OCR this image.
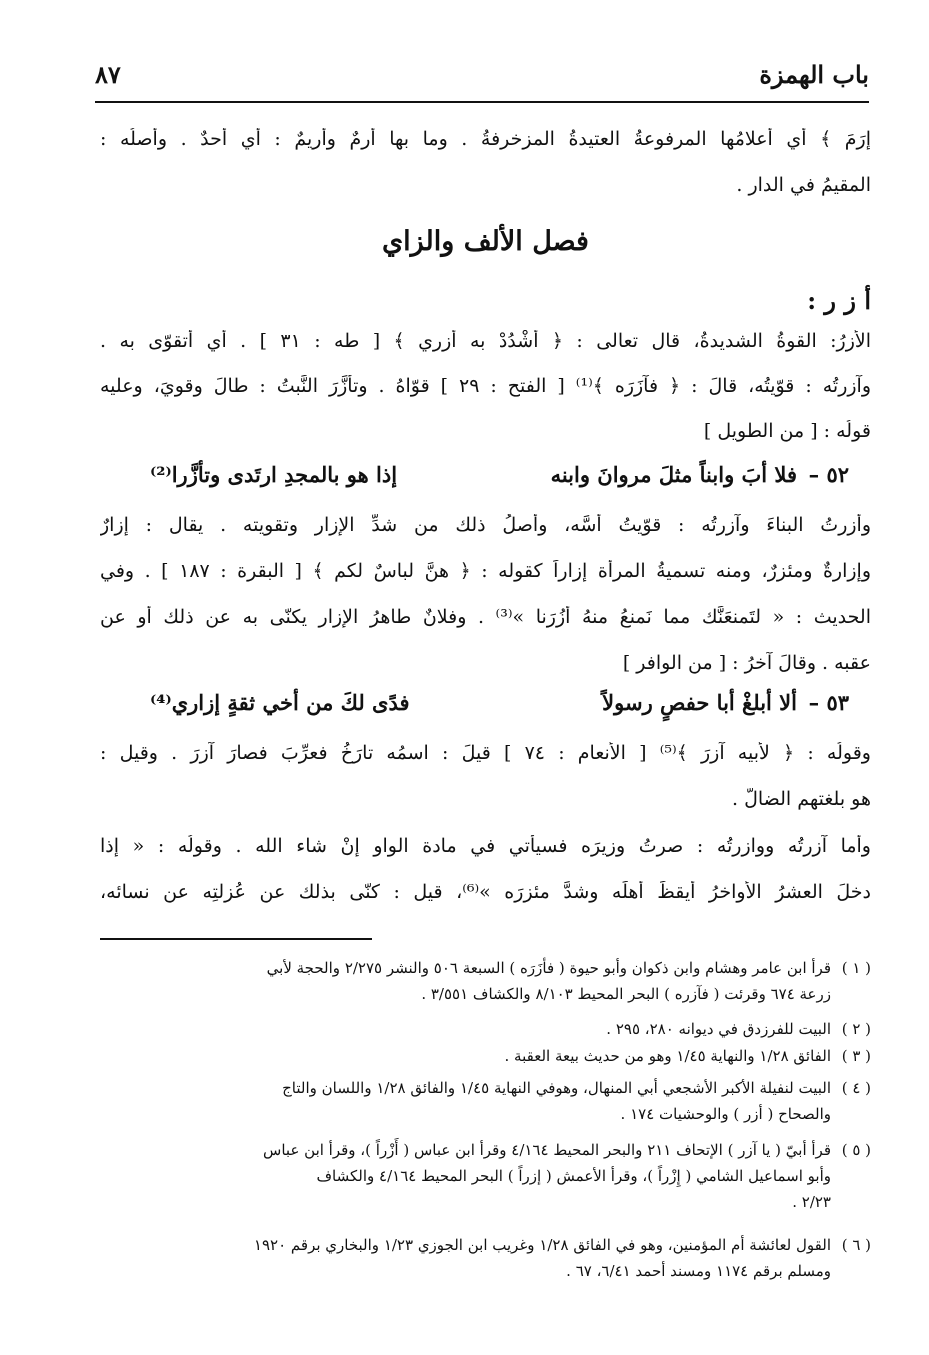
باب الهمزة
٨٧
إِرَمَ ﴾ أي أعلامُها المرفوعةُ العتيدةُ المزخرفةُ . وما بها أَرِمٌ وأريمٌ : أي أحدٌ . وأصلُه :
المقيمُ في الدار .
فصل الألف والزاي
أ ز ر :
الأزرُ: القوةُ الشديدةُ، قال تعالى : ﴿ أَشْدُدْ به أَزري ﴾ [ طه : ٣١ ] . أي أتقوّى به .
وآزرتُه : قوّيتُه، قالَ : ﴿ فآزَرَه ﴾⁽¹⁾ [ الفتح : ٢٩ ] قوّاهُ . وتأزَّرَ النَّبتُ : طالَ وقويَ، وعليه
قولُه : [ من الطويل ]
٥٢ –
فلا أبَ وابناً مثلَ مروانَ وابنه
إذا هو بالمجدِ ارتَدى وتأزَّرا⁽²⁾
وأزرتُ البناءَ وآزرتُه : قوّيتُ أُسَّه، وأصلُ ذلك من شدِّ الإزارِ وتقويته . يقال : إزارٌ
وإزارةٌ ومئزرٌ، ومنه تسميةُ المرأة إزاراً كقوله : ﴿ هنَّ لباسٌ لكم ﴾ [ البقرة : ١٨٧ ] . وفي
الحديث : « لتَمنعَنَّك مما نَمنعُ منهُ أُزُرَنا »⁽³⁾ . وفلانٌ طاهرُ الإزارِ يكنّى به عن ذلك أو عن
عقبه . وقالَ آخرُ : [ من الوافر ]
٥٣ –
ألا أبلغْ أبا حفصٍ رسولاً
فدًى لكَ من أخي ثقةٍ إزاري⁽⁴⁾
وقولُه : ﴿ لأبيه آزرَ ﴾⁽⁵⁾ [ الأنعام : ٧٤ ] قيلَ : اسمُه تارَخُ فعرِّبَ فصارَ آزرَ . وقيل :
هو بلغتهم الضالُّ .
وأما آزرتُه ووازرتُه : صرتُ وزيرَه فسيأتي في مادة الواو إنْ شاء الله . وقولُه : « إذا
دخلَ العشرُ الأواخرُ أيقظَ أهلَه وشدَّ مئزرَه »⁽⁶⁾، قيل : كنّى بذلك عن عُزلتِه عن نسائه،
( ١ )قرأ ابن عامر وهشام وابن ذكوان وأبو حيوة ( فأزَرَه ) السبعة ٥٠٦ والنشر ٢/٢٧٥ والحجة لأبي
زرعة ٦٧٤ وقرئت ( فآزره ) البحر المحيط ٨/١٠٣ والكشاف ٣/٥٥١ .
( ٢ )البيت للفرزدق في ديوانه ٢٨٠، ٢٩٥ .
( ٣ )الفائق ١/٢٨ والنهاية ١/٤٥ وهو من حديث بيعة العقبة .
( ٤ )البيت لنفيلة الأكبر الأشجعي أبي المنهال، وهوفي النهاية ١/٤٥ والفائق ١/٢٨ واللسان والتاج
والصحاح ( أزر ) والوحشيات ١٧٤ .
( ٥ )قرأ أبيّ ( يا آزر ) الإتحاف ٢١١ والبحر المحيط ٤/١٦٤ وقرأ ابن عباس ( أَزْراً )، وقرأ ابن عباس
وأبو اسماعيل الشامي ( إِزْراً )، وقرأ الأعمش ( إزراً ) البحر المحيط ٤/١٦٤ والكشاف
٢/٢٣ .
( ٦ )القول لعائشة أم المؤمنين، وهو في الفائق ١/٢٨ وغريب ابن الجوزي ١/٢٣ والبخاري برقم ١٩٢٠
ومسلم برقم ١١٧٤ ومسند أحمد ٦/٤١، ٦٧ .
